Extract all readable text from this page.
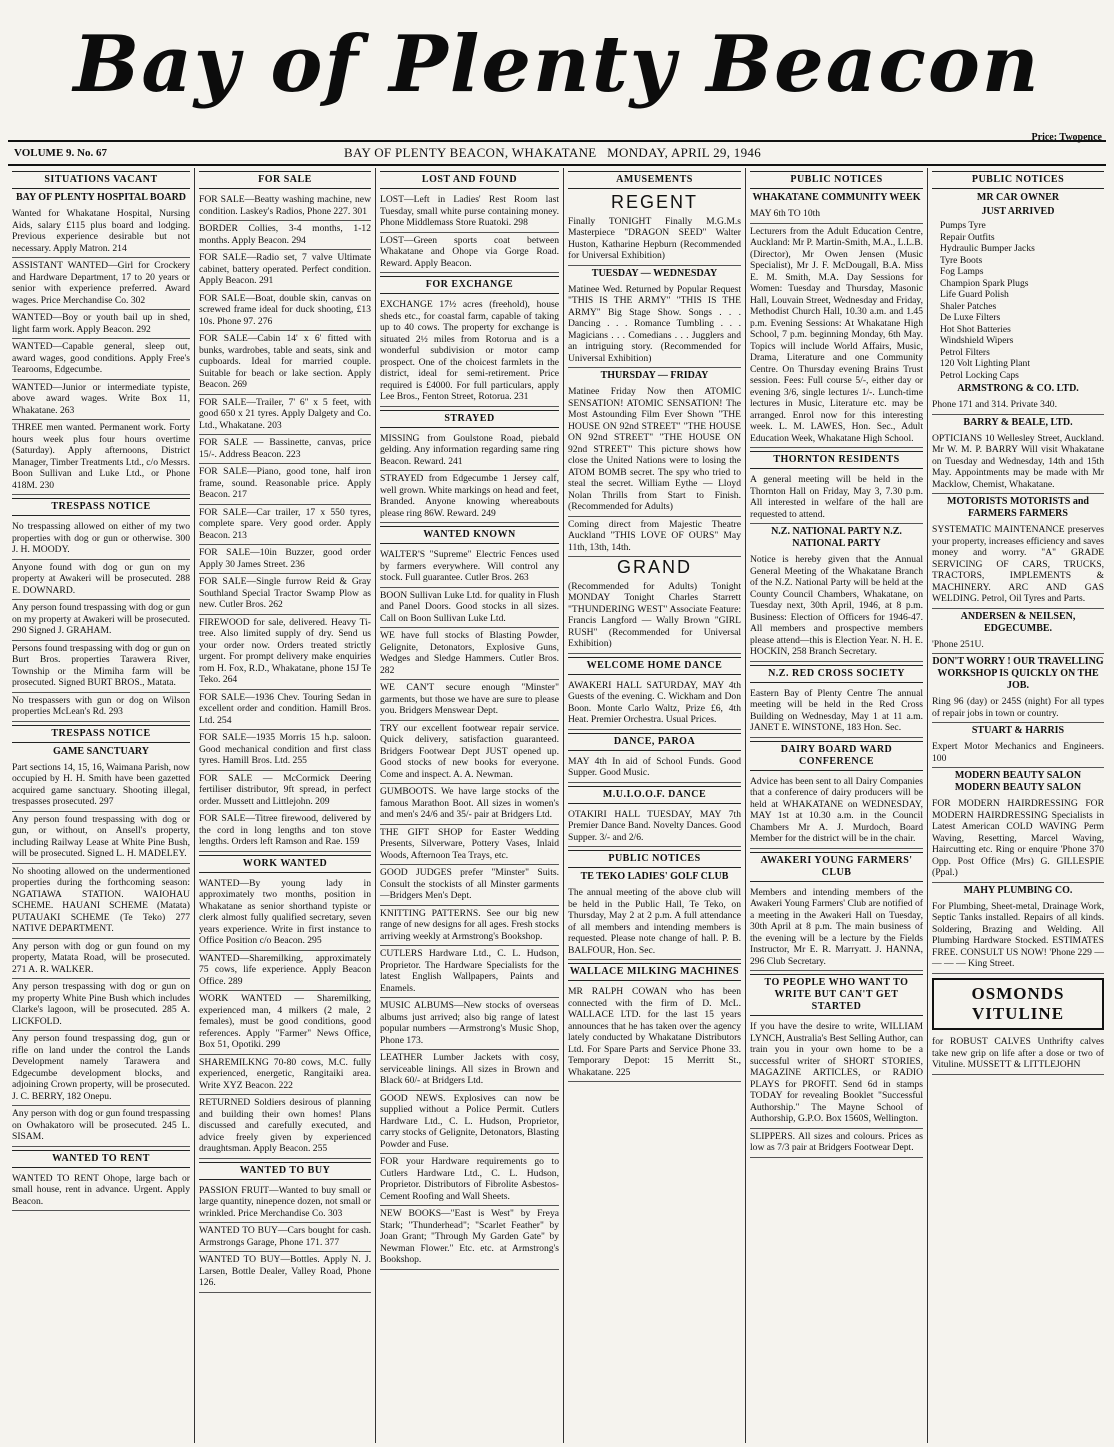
Bay of Plenty Beacon
Price: Twopence
VOLUME 9. No. 67	BAY OF PLENTY BEACON, WHAKATANE MONDAY, APRIL 29, 1946
SITUATIONS VACANT
BAY OF PLENTY HOSPITAL BOARD
Wanted for Whakatane Hospital, Nursing Aids, salary £115 plus board and lodging. Previous experience desirable but not necessary. Apply Matron. 214
ASSISTANT WANTED—Girl for Crockery and Hardware Department, 17 to 20 years or senior with experience preferred. Award wages. Price Merchandise Co. 302
WANTED—Boy or youth bail up in shed, light farm work. Apply Beacon. 292
WANTED—Capable general, sleep out, award wages, good conditions. Apply Free's Tearooms, Edgecumbe.
WANTED—Junior or intermediate typiste, above award wages. Write Box 11, Whakatane. 263
THREE men wanted. Permanent work. Forty hours week plus four hours overtime (Saturday). Apply afternoons, District Manager, Timber Treatments Ltd., c/o Messrs. Boon Sullivan and Luke Ltd., or Phone 418M. 230
TRESPASS NOTICE
No trespassing allowed on either of my two properties with dog or gun or otherwise. 300 J. H. MOODY.
Anyone found with dog or gun on my property at Awakeri will be prosecuted. 288 E. DOWNARD.
Any person found trespassing with dog or gun on my property at Awakeri will be prosecuted. 290 Signed J. GRAHAM.
Persons found trespassing with dog or gun on Burt Bros. properties Tarawera River, Township or the Mimiha farm will be prosecuted. Signed BURT BROS., Matata.
No trespassers with gun or dog on Wilson properties McLean's Rd. 293
TRESPASS NOTICE
GAME SANCTUARY
Part sections 14, 15, 16, Waimana Parish, now occupied by H. H. Smith have been gazetted acquired game sanctuary. Shooting illegal, trespasses prosecuted. 297
Any person found trespassing with dog or gun, or without, on Ansell's property, including Railway Lease at White Pine Bush, will be prosecuted. Signed L. H. MADELEY.
No shooting allowed on the undermentioned properties during the forthcoming season: NGATIAWA STATION. WAIOHAU SCHEME. HAUANI SCHEME (Matata) PUTAUAKI SCHEME (Te Teko) 277 NATIVE DEPARTMENT.
Any person with dog or gun found on my property, Matata Road, will be prosecuted. 271 A. R. WALKER.
Any person trespassing with dog or gun on my property White Pine Bush which includes Clarke's lagoon, will be prosecuted. 285 A. LICKFOLD.
Any person found trespassing dog, gun or rifle on land under the control the Lands Development namely Tarawera and Edgecumbe development blocks, and adjoining Crown property, will be prosecuted. J. C. BERRY, 182 Onepu.
Any person with dog or gun found trespassing on Owhakatoro will be prosecuted. 245 L. SISAM.
WANTED TO RENT
WANTED TO RENT Ohope, large bach or small house, rent in advance. Urgent. Apply Beacon.
FOR SALE
FOR SALE—Beatty washing machine, new condition. Laskey's Radios, Phone 227. 301
BORDER Collies, 3-4 months, 1-12 months. Apply Beacon. 294
FOR SALE—Radio set, 7 valve Ultimate cabinet, battery operated. Perfect condition. Apply Beacon. 291
FOR SALE—Boat, double skin, canvas on screwed frame ideal for duck shooting, £13 10s. Phone 97. 276
FOR SALE—Cabin 14' x 6' fitted with bunks, wardrobes, table and seats, sink and cupboards. Ideal for married couple. Suitable for beach or lake section. Apply Beacon. 269
FOR SALE—Trailer, 7' 6" x 5 feet, with good 650 x 21 tyres. Apply Dalgety and Co. Ltd., Whakatane. 203
FOR SALE — Bassinette, canvas, price 15/-. Address Beacon. 223
FOR SALE—Piano, good tone, half iron frame, sound. Reasonable price. Apply Beacon. 217
FOR SALE—Car trailer, 17 x 550 tyres, complete spare. Very good order. Apply Beacon. 213
FOR SALE—10in Buzzer, good order Apply 30 James Street. 236
FOR SALE—Single furrow Reid & Gray Southland Special Tractor Swamp Plow as new. Cutler Bros. 262
FIREWOOD for sale, delivered. Heavy Ti-tree. Also limited supply of dry. Send us your order now. Orders treated strictly urgent. For prompt delivery make enquiries rom H. Fox, R.D., Whakatane, phone 15J Te Teko. 264
FOR SALE—1936 Chev. Touring Sedan in excellent order and condition. Hamill Bros. Ltd. 254
FOR SALE—1935 Morris 15 h.p. saloon. Good mechanical condition and first class tyres. Hamill Bros. Ltd. 255
FOR SALE — McCormick Deering fertiliser distributor, 9ft spread, in perfect order. Mussett and Littlejohn. 209
FOR SALE—Titree firewood, delivered by the cord in long lengths and ton stove lengths. Orders left Ramson and Rae. 159
WORK WANTED
WANTED—By young lady in approximately two months, position in Whakatane as senior shorthand typiste or clerk almost fully qualified secretary, seven years experience. Write in first instance to Office Position c/o Beacon. 295
WANTED—Sharemilking, approximately 75 cows, life experience. Apply Beacon Office. 289
WORK WANTED — Sharemilking, experienced man, 4 milkers (2 male, 2 females), must be good conditions, good references. Apply "Farmer" News Office, Box 51, Opotiki. 299
SHAREMILKNG 70-80 cows, M.C. fully experienced, energetic, Rangitaiki area. Write XYZ Beacon. 222
RETURNED Soldiers desirous of planning and building their own homes! Plans discussed and carefully executed, and advice freely given by experienced draughtsman. Apply Beacon. 255
WANTED TO BUY
PASSION FRUIT—Wanted to buy small or large quantity, ninepence dozen, not small or wrinkled. Price Merchandise Co. 303
WANTED TO BUY—Cars bought for cash. Armstrongs Garage, Phone 171. 377
WANTED TO BUY—Bottles. Apply N. J. Larsen, Bottle Dealer, Valley Road, Phone 126.
LOST AND FOUND
LOST—Left in Ladies' Rest Room last Tuesday, small white purse containing money. Phone Middlemass Store Ruatoki. 298
LOST—Green sports coat between Whakatane and Ohope via Gorge Road. Reward. Apply Beacon.
FOR EXCHANGE
EXCHANGE 17½ acres (freehold), house sheds etc., for coastal farm, capable of taking up to 40 cows. The property for exchange is situated 2½ miles from Rotorua and is a wonderful subdivision or motor camp prospect. One of the choicest farmlets in the district, ideal for semi-retirement. Price required is £4000. For full particulars, apply Lee Bros., Fenton Street, Rotorua. 231
STRAYED
MISSING from Goulstone Road, piebald gelding. Any information regarding same ring Beacon. Reward. 241
STRAYED from Edgecumbe 1 Jersey calf, well grown. White markings on head and feet, Branded. Anyone knowing whereabouts please ring 86W. Reward. 249
WANTED KNOWN
WALTER'S "Supreme" Electric Fences used by farmers everywhere. Will control any stock. Full guarantee. Cutler Bros. 263
BOON Sullivan Luke Ltd. for quality in Flush and Panel Doors. Good stocks in all sizes. Call on Boon Sullivan Luke Ltd.
WE have full stocks of Blasting Powder, Gelignite, Detonators, Explosive Guns, Wedges and Sledge Hammers. Cutler Bros. 282
WE CAN'T secure enough "Minster" garments, but those we have are sure to please you. Bridgers Menswear Dept.
TRY our excellent footwear repair service. Quick delivery, satisfaction guaranteed. Bridgers Footwear Dept JUST opened up. Good stocks of new books for everyone. Come and inspect. A. A. Newman.
GUMBOOTS. We have large stocks of the famous Marathon Boot. All sizes in women's and men's 24/6 and 35/- pair at Bridgers Ltd.
THE GIFT SHOP for Easter Wedding Presents, Silverware, Pottery Vases, Inlaid Woods, Afternoon Tea Trays, etc.
GOOD JUDGES prefer "Minster" Suits. Consult the stockists of all Minster garments—Bridgers Men's Dept.
KNITTING PATTERNS. See our big new range of new designs for all ages. Fresh stocks arriving weekly at Armstrong's Bookshop.
CUTLERS Hardware Ltd., C. L. Hudson, Proprietor. The Hardware Specialists for the latest English Wallpapers, Paints and Enamels.
MUSIC ALBUMS—New stocks of overseas albums just arrived; also big range of latest popular numbers —Armstrong's Music Shop, Phone 173.
LEATHER Lumber Jackets with cosy, serviceable linings. All sizes in Brown and Black 60/- at Bridgers Ltd.
GOOD NEWS. Explosives can now be supplied without a Police Permit. Cutlers Hardware Ltd., C. L. Hudson, Proprietor, carry stocks of Gelignite, Detonators, Blasting Powder and Fuse.
FOR your Hardware requirements go to Cutlers Hardware Ltd., C. L. Hudson, Proprietor. Distributors of Fibrolite Asbestos-Cement Roofing and Wall Sheets.
NEW BOOKS—"East is West" by Freya Stark; "Thunderhead"; "Scarlet Feather" by Joan Grant; "Through My Garden Gate" by Newman Flower." Etc. etc. at Armstrong's Bookshop.
AMUSEMENTS
REGENT
Finally TONIGHT Finally M.G.M.s Masterpiece "DRAGON SEED" Walter Huston, Katharine Hepburn (Recommended for Universal Exhibition)
TUESDAY — WEDNESDAY
Matinee Wed. Returned by Popular Request "THIS IS THE ARMY" "THIS IS THE ARMY" Big Stage Show. Songs . . . Dancing . . . Romance Tumbling . . . Magicians . . . Comedians . . . Jugglers and an intriguing story. (Recommended for Universal Exhibition)
THURSDAY — FRIDAY
Matinee Friday Now then ATOMIC SENSATION! ATOMIC SENSATION! The Most Astounding Film Ever Shown "THE HOUSE ON 92nd STREET" "THE HOUSE ON 92nd STREET" "THE HOUSE ON 92nd STREET" This picture shows how close the United Nations were to losing the ATOM BOMB secret. The spy who tried to steal the secret. William Eythe — Lloyd Nolan Thrills from Start to Finish. (Recommended for Adults)
Coming direct from Majestic Theatre Auckland "THIS LOVE OF OURS" May 11th, 13th, 14th.
GRAND
(Recommended for Adults) Tonight MONDAY Tonight Charles Starrett "THUNDERING WEST" Associate Feature: Francis Langford — Wally Brown "GIRL RUSH" (Recommended for Universal Exhibition)
WELCOME HOME DANCE
AWAKERI HALL SATURDAY, MAY 4th Guests of the evening. C. Wickham and Don Boon. Monte Carlo Waltz, Prize £6, 4th Heat. Premier Orchestra. Usual Prices.
DANCE, PAROA
MAY 4th In aid of School Funds. Good Supper. Good Music.
M.U.I.O.O.F. DANCE
OTAKIRI HALL TUESDAY, MAY 7th Premier Dance Band. Novelty Dances. Good Supper. 3/- and 2/6.
PUBLIC NOTICES
TE TEKO LADIES' GOLF CLUB
The annual meeting of the above club will be held in the Public Hall, Te Teko, on Thursday, May 2 at 2 p.m. A full attendance of all members and intending members is requested. Please note change of hall. P. B. BALFOUR, Hon. Sec.
WALLACE MILKING MACHINES
MR RALPH COWAN who has been connected with the firm of D. McL. WALLACE LTD. for the last 15 years announces that he has taken over the agency lately conducted by Whakatane Distributors Ltd. For Spare Parts and Service Phone 33. Temporary Depot: 15 Merritt St., Whakatane. 225
PUBLIC NOTICES
WHAKATANE COMMUNITY WEEK
MAY 6th TO 10th
Lecturers from the Adult Education Centre, Auckland: Mr P. Martin-Smith, M.A., L.L.B. (Director), Mr Owen Jensen (Music Specialist), Mr J. F. McDougall, B.A. Miss E. M. Smith, M.A. Day Sessions for Women: Tuesday and Thursday, Masonic Hall, Louvain Street, Wednesday and Friday, Methodist Church Hall, 10.30 a.m. and 1.45 p.m. Evening Sessions: At Whakatane High School, 7 p.m. beginning Monday, 6th May. Topics will include World Affairs, Music, Drama, Literature and one Community Centre. On Thursday evening Brains Trust session. Fees: Full course 5/-, either day or evening 3/6, single lectures 1/-. Lunch-time lectures in Music, Literature etc. may be arranged. Enrol now for this interesting week. L. M. LAWES, Hon. Sec., Adult Education Week, Whakatane High School.
THORNTON RESIDENTS
A general meeting will be held in the Thornton Hall on Friday, May 3, 7.30 p.m. All interested in welfare of the hall are requested to attend.
N.Z. NATIONAL PARTY N.Z. NATIONAL PARTY
Notice is hereby given that the Annual General Meeting of the Whakatane Branch of the N.Z. National Party will be held at the County Council Chambers, Whakatane, on Tuesday next, 30th April, 1946, at 8 p.m. Business: Election of Officers for 1946-47. All members and prospective members please attend—this is Election Year. N. H. E. HOCKIN, 258 Branch Secretary.
N.Z. RED CROSS SOCIETY
Eastern Bay of Plenty Centre The annual meeting will be held in the Red Cross Building on Wednesday, May 1 at 11 a.m. JANET E. WINSTONE, 183 Hon. Sec.
DAIRY BOARD WARD CONFERENCE
Advice has been sent to all Dairy Companies that a conference of dairy producers will be held at WHAKATANE on WEDNESDAY, MAY 1st at 10.30 a.m. in the Council Chambers Mr A. J. Murdoch, Board Member for the district will be in the chair.
AWAKERI YOUNG FARMERS' CLUB
Members and intending members of the Awakeri Young Farmers' Club are notified of a meeting in the Awakeri Hall on Tuesday, 30th April at 8 p.m. The main business of the evening will be a lecture by the Fields Instructor, Mr E. R. Marryatt. J. HANNA, 296 Club Secretary.
TO PEOPLE WHO WANT TO WRITE BUT CAN'T GET STARTED
If you have the desire to write, WILLIAM LYNCH, Australia's Best Selling Author, can train you in your own home to be a successful writer of SHORT STORIES, MAGAZINE ARTICLES, or RADIO PLAYS for PROFIT. Send 6d in stamps TODAY for revealing Booklet "Successful Authorship." The Mayne School of Authorship, G.P.O. Box 1560S, Wellington.
SLIPPERS. All sizes and colours. Prices as low as 7/3 pair at Bridgers Footwear Dept.
PUBLIC NOTICES
MR CAR OWNER
JUST ARRIVED
Pumps Tyre
Repair Outfits
Hydraulic Bumper Jacks
Tyre Boots
Fog Lamps
Champion Spark Plugs
Life Guard Polish
Shaler Patches
De Luxe Filters
Hot Shot Batteries
Windshield Wipers
Petrol Filters
120 Volt Lighting Plant
Petrol Locking Caps
ARMSTRONG & CO. LTD.
Phone 171 and 314. Private 340.
BARRY & BEALE, LTD.
OPTICIANS 10 Wellesley Street, Auckland. Mr W. M. P. BARRY Will visit Whakatane on Tuesday and Wednesday, 14th and 15th May. Appointments may be made with Mr Macklow, Chemist, Whakatane.
MOTORISTS MOTORISTS and FARMERS FARMERS
SYSTEMATIC MAINTENANCE preserves your property, increases efficiency and saves money and worry. "A" GRADE SERVICING OF CARS, TRUCKS, TRACTORS, IMPLEMENTS & MACHINERY. ARC AND GAS WELDING. Petrol, Oil Tyres and Parts.
ANDERSEN & NEILSEN, EDGECUMBE.
'Phone 251U.
DON'T WORRY ! OUR TRAVELLING WORKSHOP IS QUICKLY ON THE JOB.
Ring 96 (day) or 245S (night) For all types of repair jobs in town or country.
STUART & HARRIS
Expert Motor Mechanics and Engineers. 100
MODERN BEAUTY SALON MODERN BEAUTY SALON
FOR MODERN HAIRDRESSING FOR MODERN HAIRDRESSING Specialists in Latest American COLD WAVING Perm Waving, Resetting, Marcel Waving, Haircutting etc. Ring or enquire 'Phone 370 Opp. Post Office (Mrs) G. GILLESPIE (Ppal.)
MAHY PLUMBING CO.
For Plumbing, Sheet-metal, Drainage Work, Septic Tanks installed. Repairs of all kinds. Soldering, Brazing and Welding. All Plumbing Hardware Stocked. ESTIMATES FREE. CONSULT US NOW! 'Phone 229 — — — — King Street.
OSMONDS VITULINE
for ROBUST CALVES Unthrifty calves take new grip on life after a dose or two of Vituline. MUSSETT & LITTLEJOHN
